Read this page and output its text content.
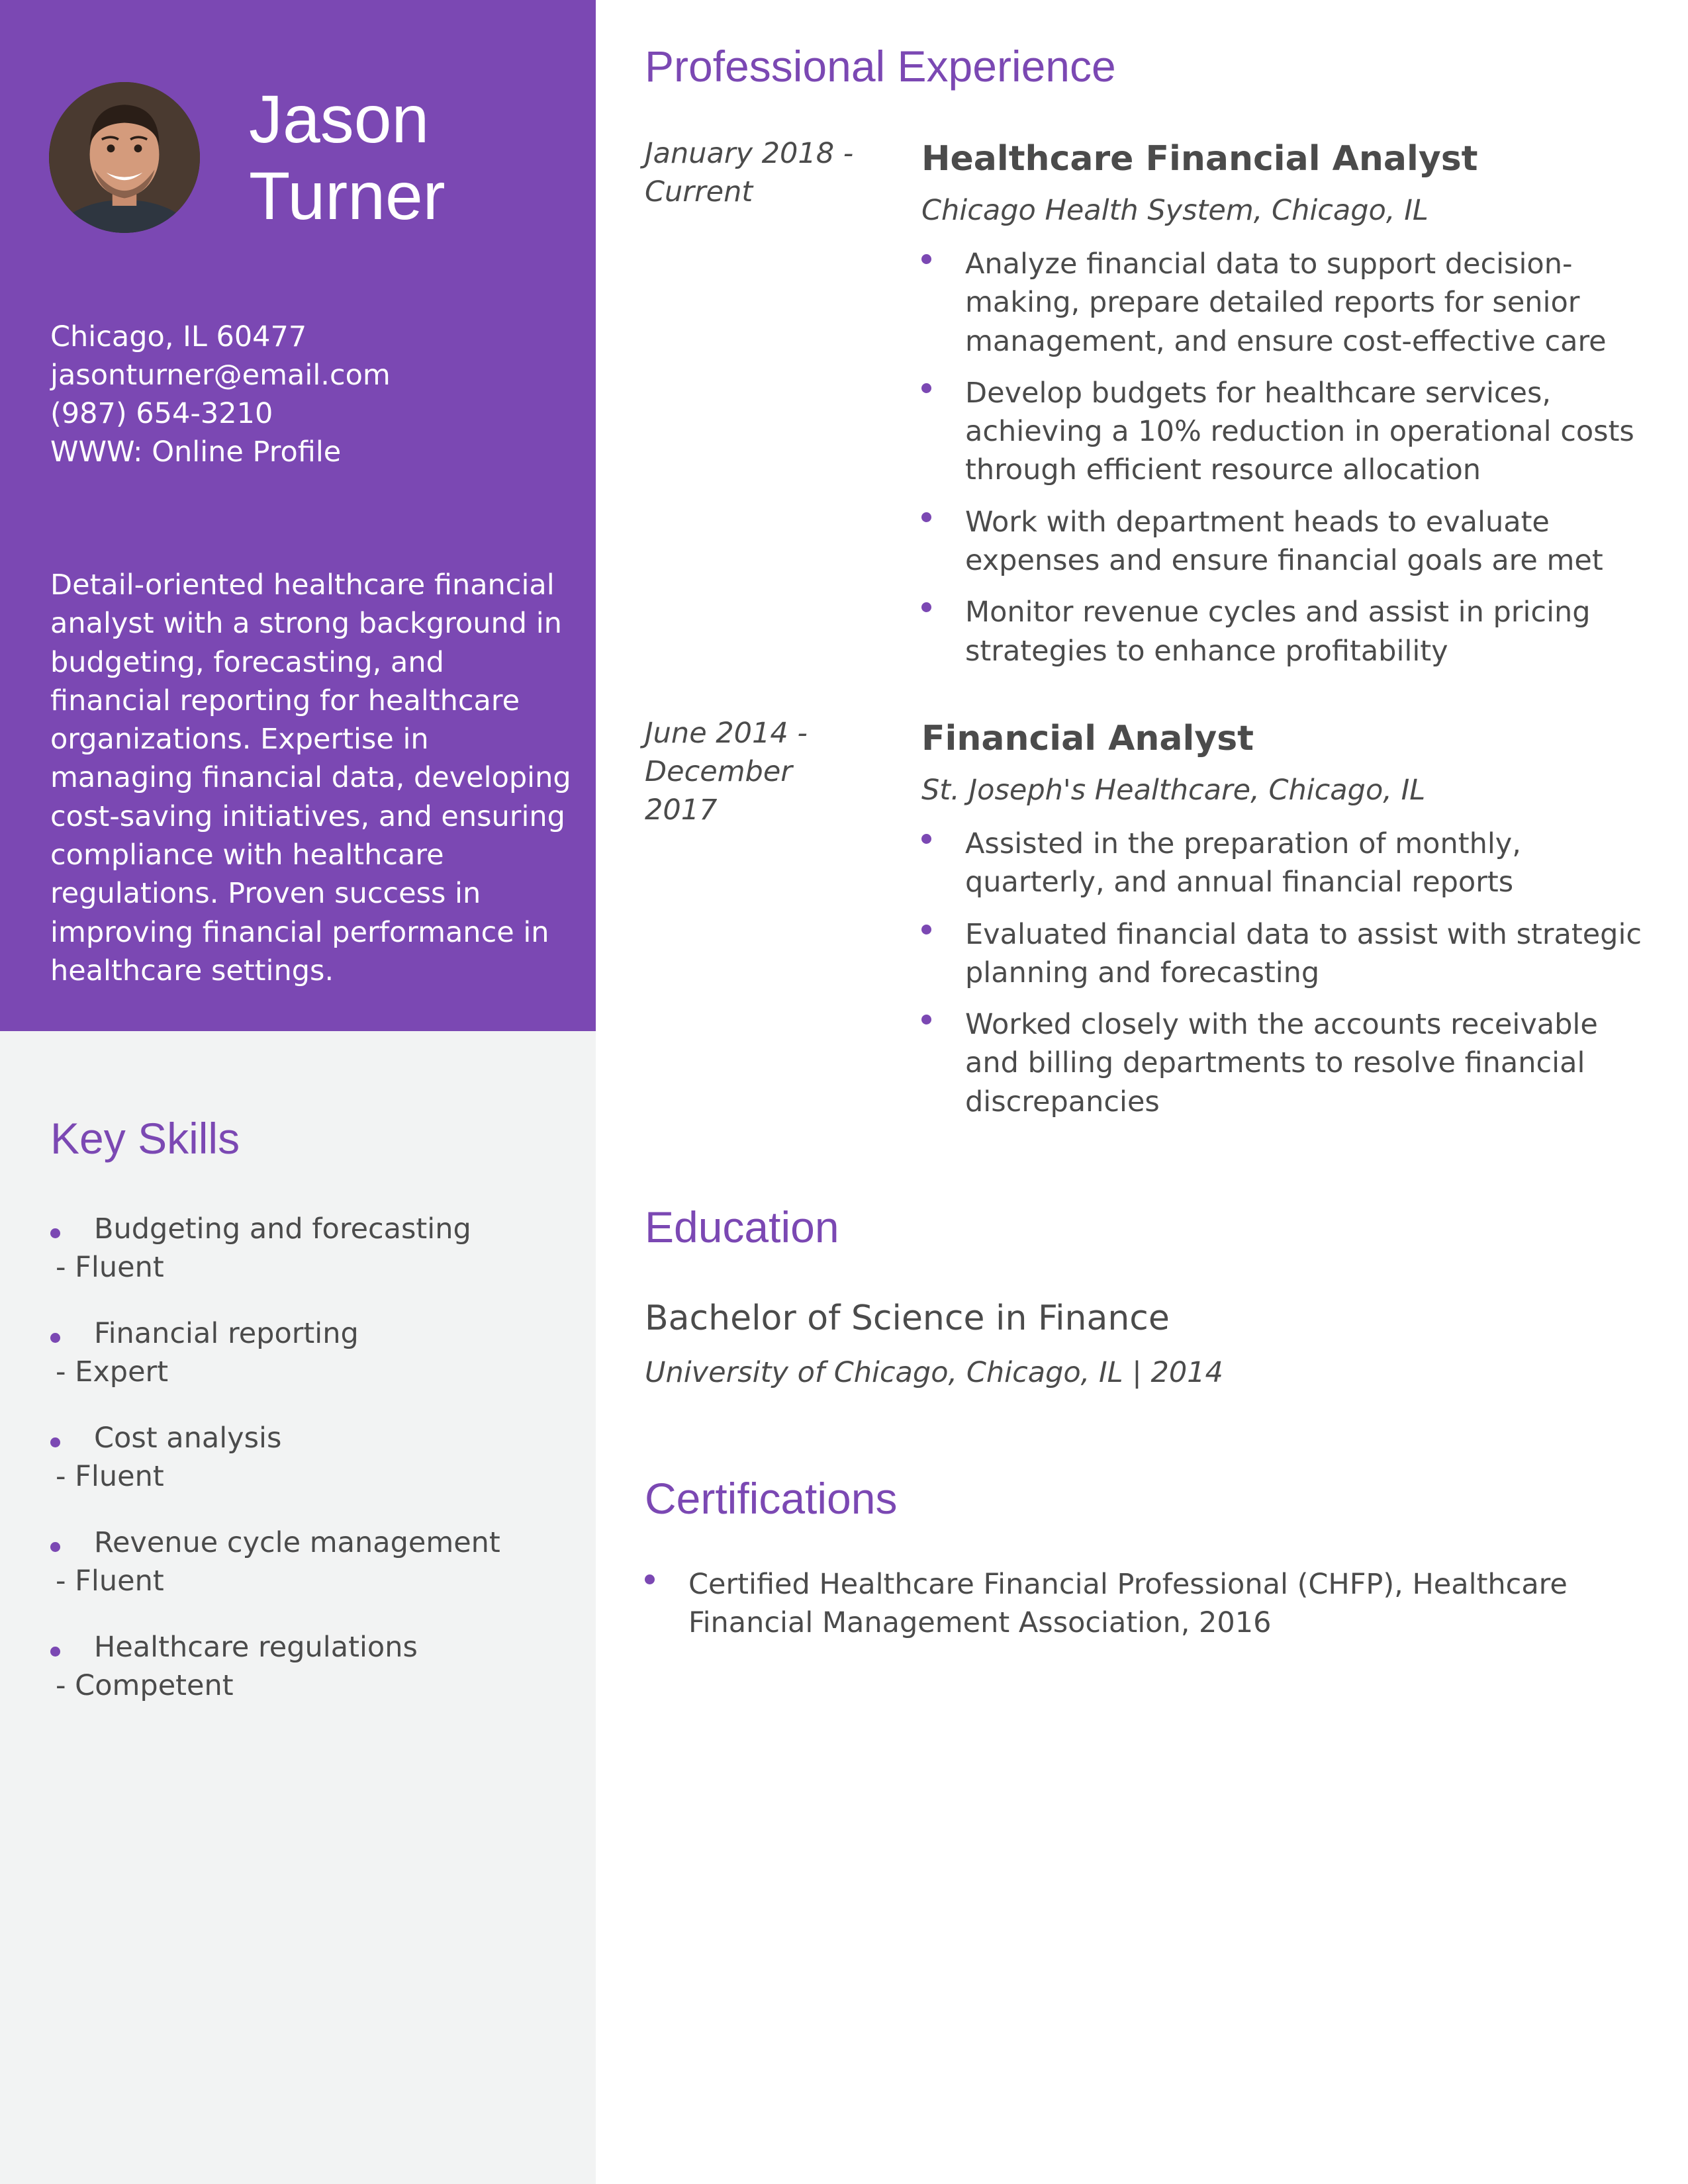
Jason
Turner
Chicago, IL 60477
jasonturner@email.com
(987) 654-3210
WWW: Online Profile

Detail-oriented healthcare financial analyst with a strong background in budgeting, forecasting, and financial reporting for healthcare organizations. Expertise in managing financial data, developing cost-saving initiatives, and ensuring compliance with healthcare regulations. Proven success in improving financial performance in healthcare settings.

Key Skills
Budgeting and forecasting
- Fluent
Financial reporting
- Expert
Cost analysis
- Fluent
Revenue cycle management
- Fluent
Healthcare regulations
- Competent
Professional Experience
January 2018 -
Current
Healthcare Financial Analyst
Chicago Health System, Chicago, IL
Analyze financial data to support decision-making, prepare detailed reports for senior management, and ensure cost-effective care
Develop budgets for healthcare services, achieving a 10% reduction in operational costs through efficient resource allocation
Work with department heads to evaluate expenses and ensure financial goals are met
Monitor revenue cycles and assist in pricing strategies to enhance profitability
June 2014 -
December 2017
Financial Analyst
St. Joseph's Healthcare, Chicago, IL
Assisted in the preparation of monthly, quarterly, and annual financial reports
Evaluated financial data to assist with strategic planning and forecasting
Worked closely with the accounts receivable and billing departments to resolve financial discrepancies
Education
Bachelor of Science in Finance
University of Chicago, Chicago, IL | 2014
Certifications
Certified Healthcare Financial Professional (CHFP), Healthcare Financial Management Association, 2016
